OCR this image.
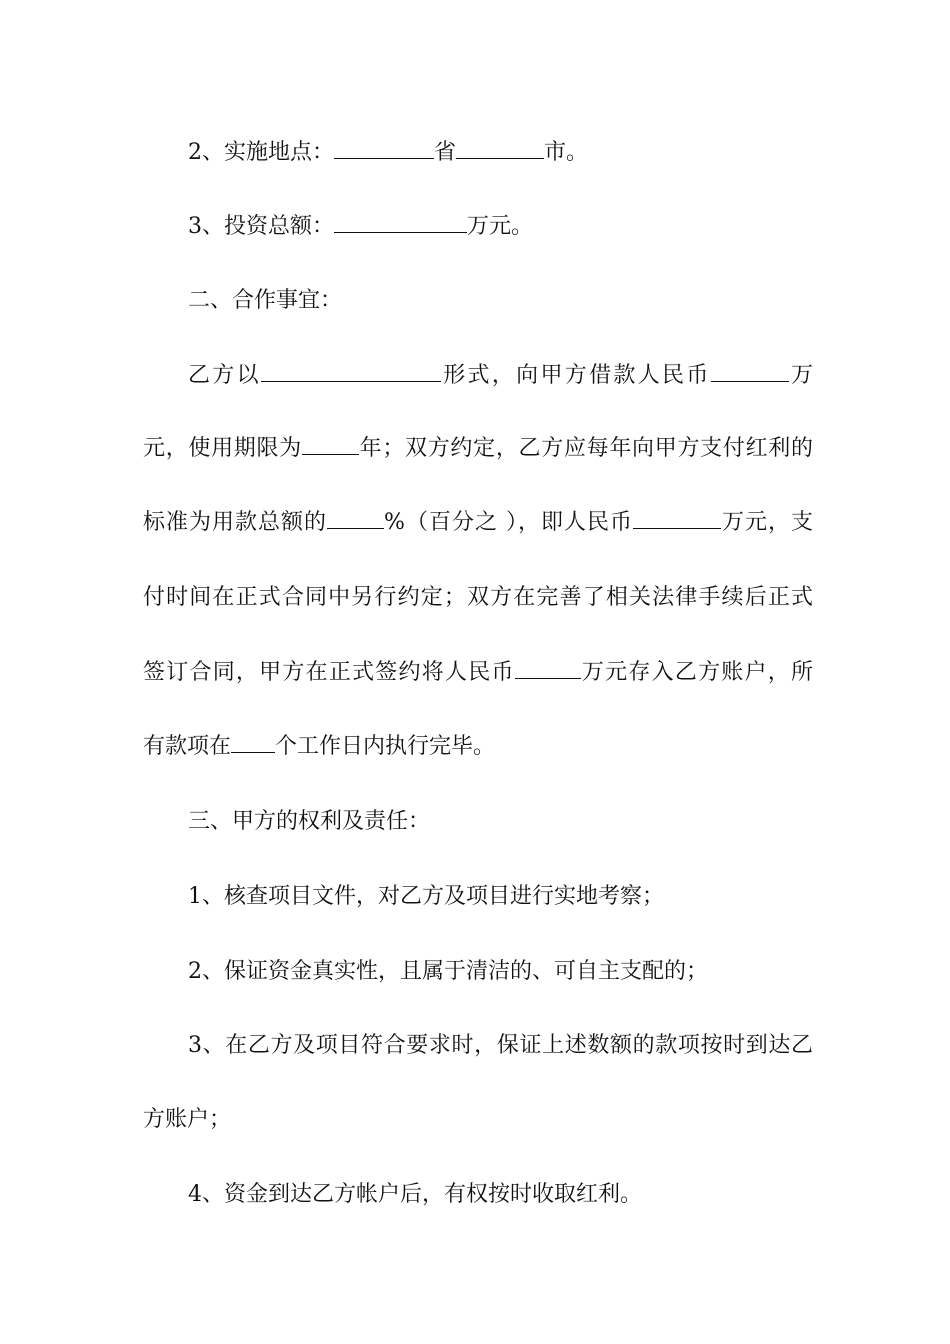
2、实施地点：	省	市。
3、投资总额：	万元。
二、合作事宜：
乙方以	形式，向甲方借款人民币	万
元，使用期限为	年；双方约定，乙方应每年向甲方支付红利的
标准为用款总额的	%（百分之 ），即人民币	万元，支
付时间在正式合同中另行约定；双方在完善了相关法律手续后正式
签订合同，甲方在正式签约将人民币	万元存入乙方账户，所
有款项在 个工作日内执行完毕。
三、甲方的权利及责任：
1、核查项目文件，对乙方及项目进行实地考察；
2、保证资金真实性，且属于清洁的、可自主支配的；
3、在乙方及项目符合要求时，保证上述数额的款项按时到达乙
方账户；
4、资金到达乙方帐户后，有权按时收取红利。
